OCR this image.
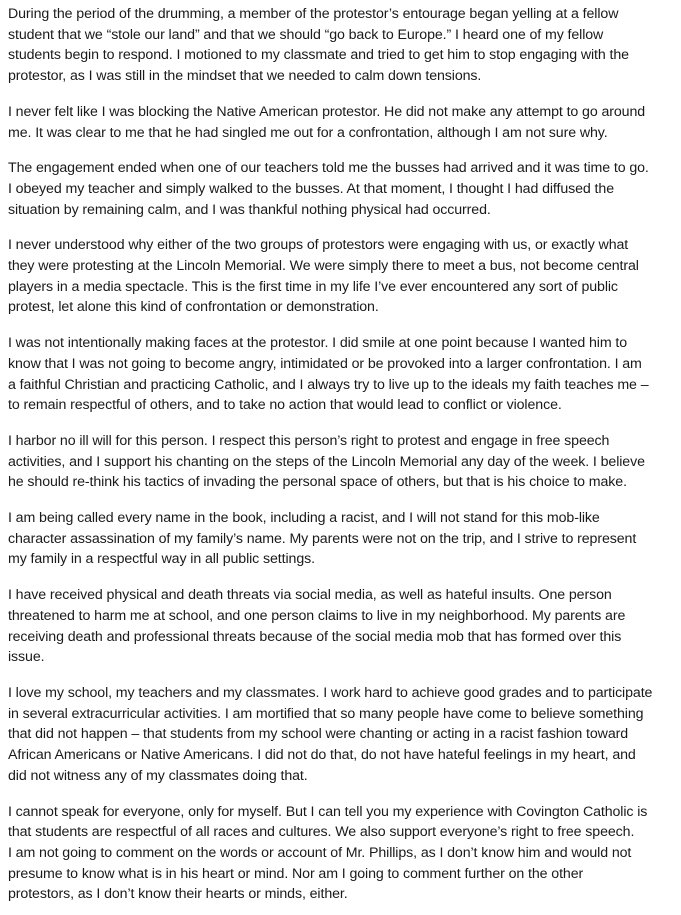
During the period of the drumming, a member of the protestor’s entourage began yelling at a fellow
student that we “stole our land” and that we should “go back to Europe.” I heard one of my fellow
students begin to respond. I motioned to my classmate and tried to get him to stop engaging with the
protestor, as I was still in the mindset that we needed to calm down tensions.

I never felt like I was blocking the Native American protestor. He did not make any attempt to go around
me. It was clear to me that he had singled me out for a confrontation, although I am not sure why.

The engagement ended when one of our teachers told me the busses had arrived and it was time to go.
I obeyed my teacher and simply walked to the busses. At that moment, I thought I had diffused the
situation by remaining calm, and I was thankful nothing physical had occurred.

I never understood why either of the two groups of protestors were engaging with us, or exactly what
they were protesting at the Lincoln Memorial. We were simply there to meet a bus, not become central
players in a media spectacle. This is the first time in my life I’ve ever encountered any sort of public
protest, let alone this kind of confrontation or demonstration.

I was not intentionally making faces at the protestor. I did smile at one point because I wanted him to
know that I was not going to become angry, intimidated or be provoked into a larger confrontation. I am
a faithful Christian and practicing Catholic, and I always try to live up to the ideals my faith teaches me –
to remain respectful of others, and to take no action that would lead to conflict or violence.

I harbor no ill will for this person. I respect this person’s right to protest and engage in free speech
activities, and I support his chanting on the steps of the Lincoln Memorial any day of the week. I believe
he should re-think his tactics of invading the personal space of others, but that is his choice to make.

I am being called every name in the book, including a racist, and I will not stand for this mob-like
character assassination of my family’s name. My parents were not on the trip, and I strive to represent
my family in a respectful way in all public settings.

I have received physical and death threats via social media, as well as hateful insults. One person
threatened to harm me at school, and one person claims to live in my neighborhood. My parents are
receiving death and professional threats because of the social media mob that has formed over this
issue.

I love my school, my teachers and my classmates. I work hard to achieve good grades and to participate
in several extracurricular activities. I am mortified that so many people have come to believe something
that did not happen – that students from my school were chanting or acting in a racist fashion toward
African Americans or Native Americans. I did not do that, do not have hateful feelings in my heart, and
did not witness any of my classmates doing that.

I cannot speak for everyone, only for myself. But I can tell you my experience with Covington Catholic is
that students are respectful of all races and cultures. We also support everyone’s right to free speech.
I am not going to comment on the words or account of Mr. Phillips, as I don’t know him and would not
presume to know what is in his heart or mind. Nor am I going to comment further on the other
protestors, as I don’t know their hearts or minds, either.
